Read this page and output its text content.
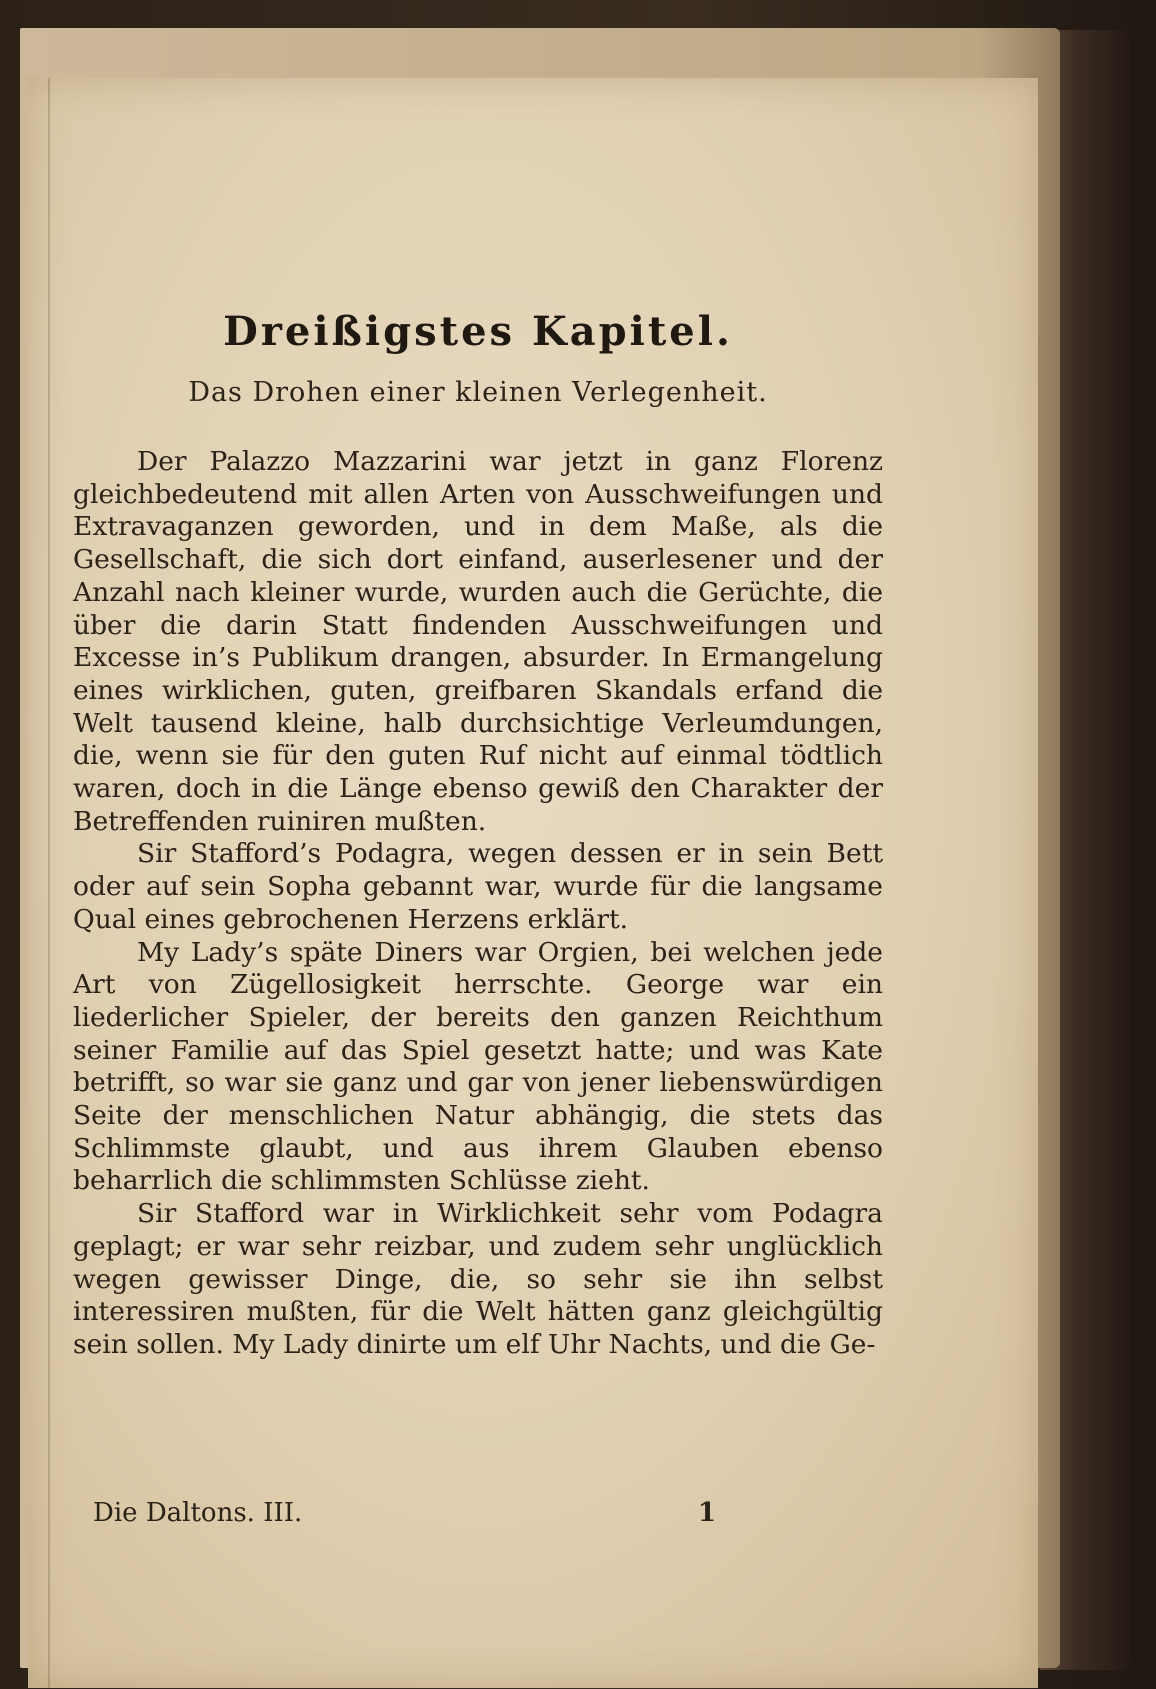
Dreißigstes Kapitel.
Das Drohen einer kleinen Verlegenheit.

Der Palazzo Mazzarini war jetzt in ganz Florenz gleichbedeutend mit allen Arten von Ausschweifungen und Extravaganzen geworden, und in dem Maße, als die Gesellschaft, die sich dort einfand, auserlesener und der Anzahl nach kleiner wurde, wurden auch die Gerüchte, die über die darin Statt findenden Ausschweifungen und Excesse in’s Publikum drangen, absurder. In Ermangelung eines wirklichen, guten, greifbaren Skandals erfand die Welt tausend kleine, halb durchsichtige Verleumdungen, die, wenn sie für den guten Ruf nicht auf einmal tödtlich waren, doch in die Länge ebenso gewiß den Charakter der Betreffenden ruiniren mußten.

Sir Stafford’s Podagra, wegen dessen er in sein Bett oder auf sein Sopha gebannt war, wurde für die langsame Qual eines gebrochenen Herzens erklärt.

My Lady’s späte Diners war Orgien, bei welchen jede Art von Zügellosigkeit herrschte. George war ein liederlicher Spieler, der bereits den ganzen Reichthum seiner Familie auf das Spiel gesetzt hatte; und was Kate betrifft, so war sie ganz und gar von jener liebenswürdigen Seite der menschlichen Natur abhängig, die stets das Schlimmste glaubt, und aus ihrem Glauben ebenso beharrlich die schlimmsten Schlüsse zieht.

Sir Stafford war in Wirklichkeit sehr vom Podagra geplagt; er war sehr reizbar, und zudem sehr unglücklich wegen gewisser Dinge, die, so sehr sie ihn selbst interessiren mußten, für die Welt hätten ganz gleichgültig sein sollen. My Lady dinirte um elf Uhr Nachts, und die Ge-

Die Daltons. III.	1
